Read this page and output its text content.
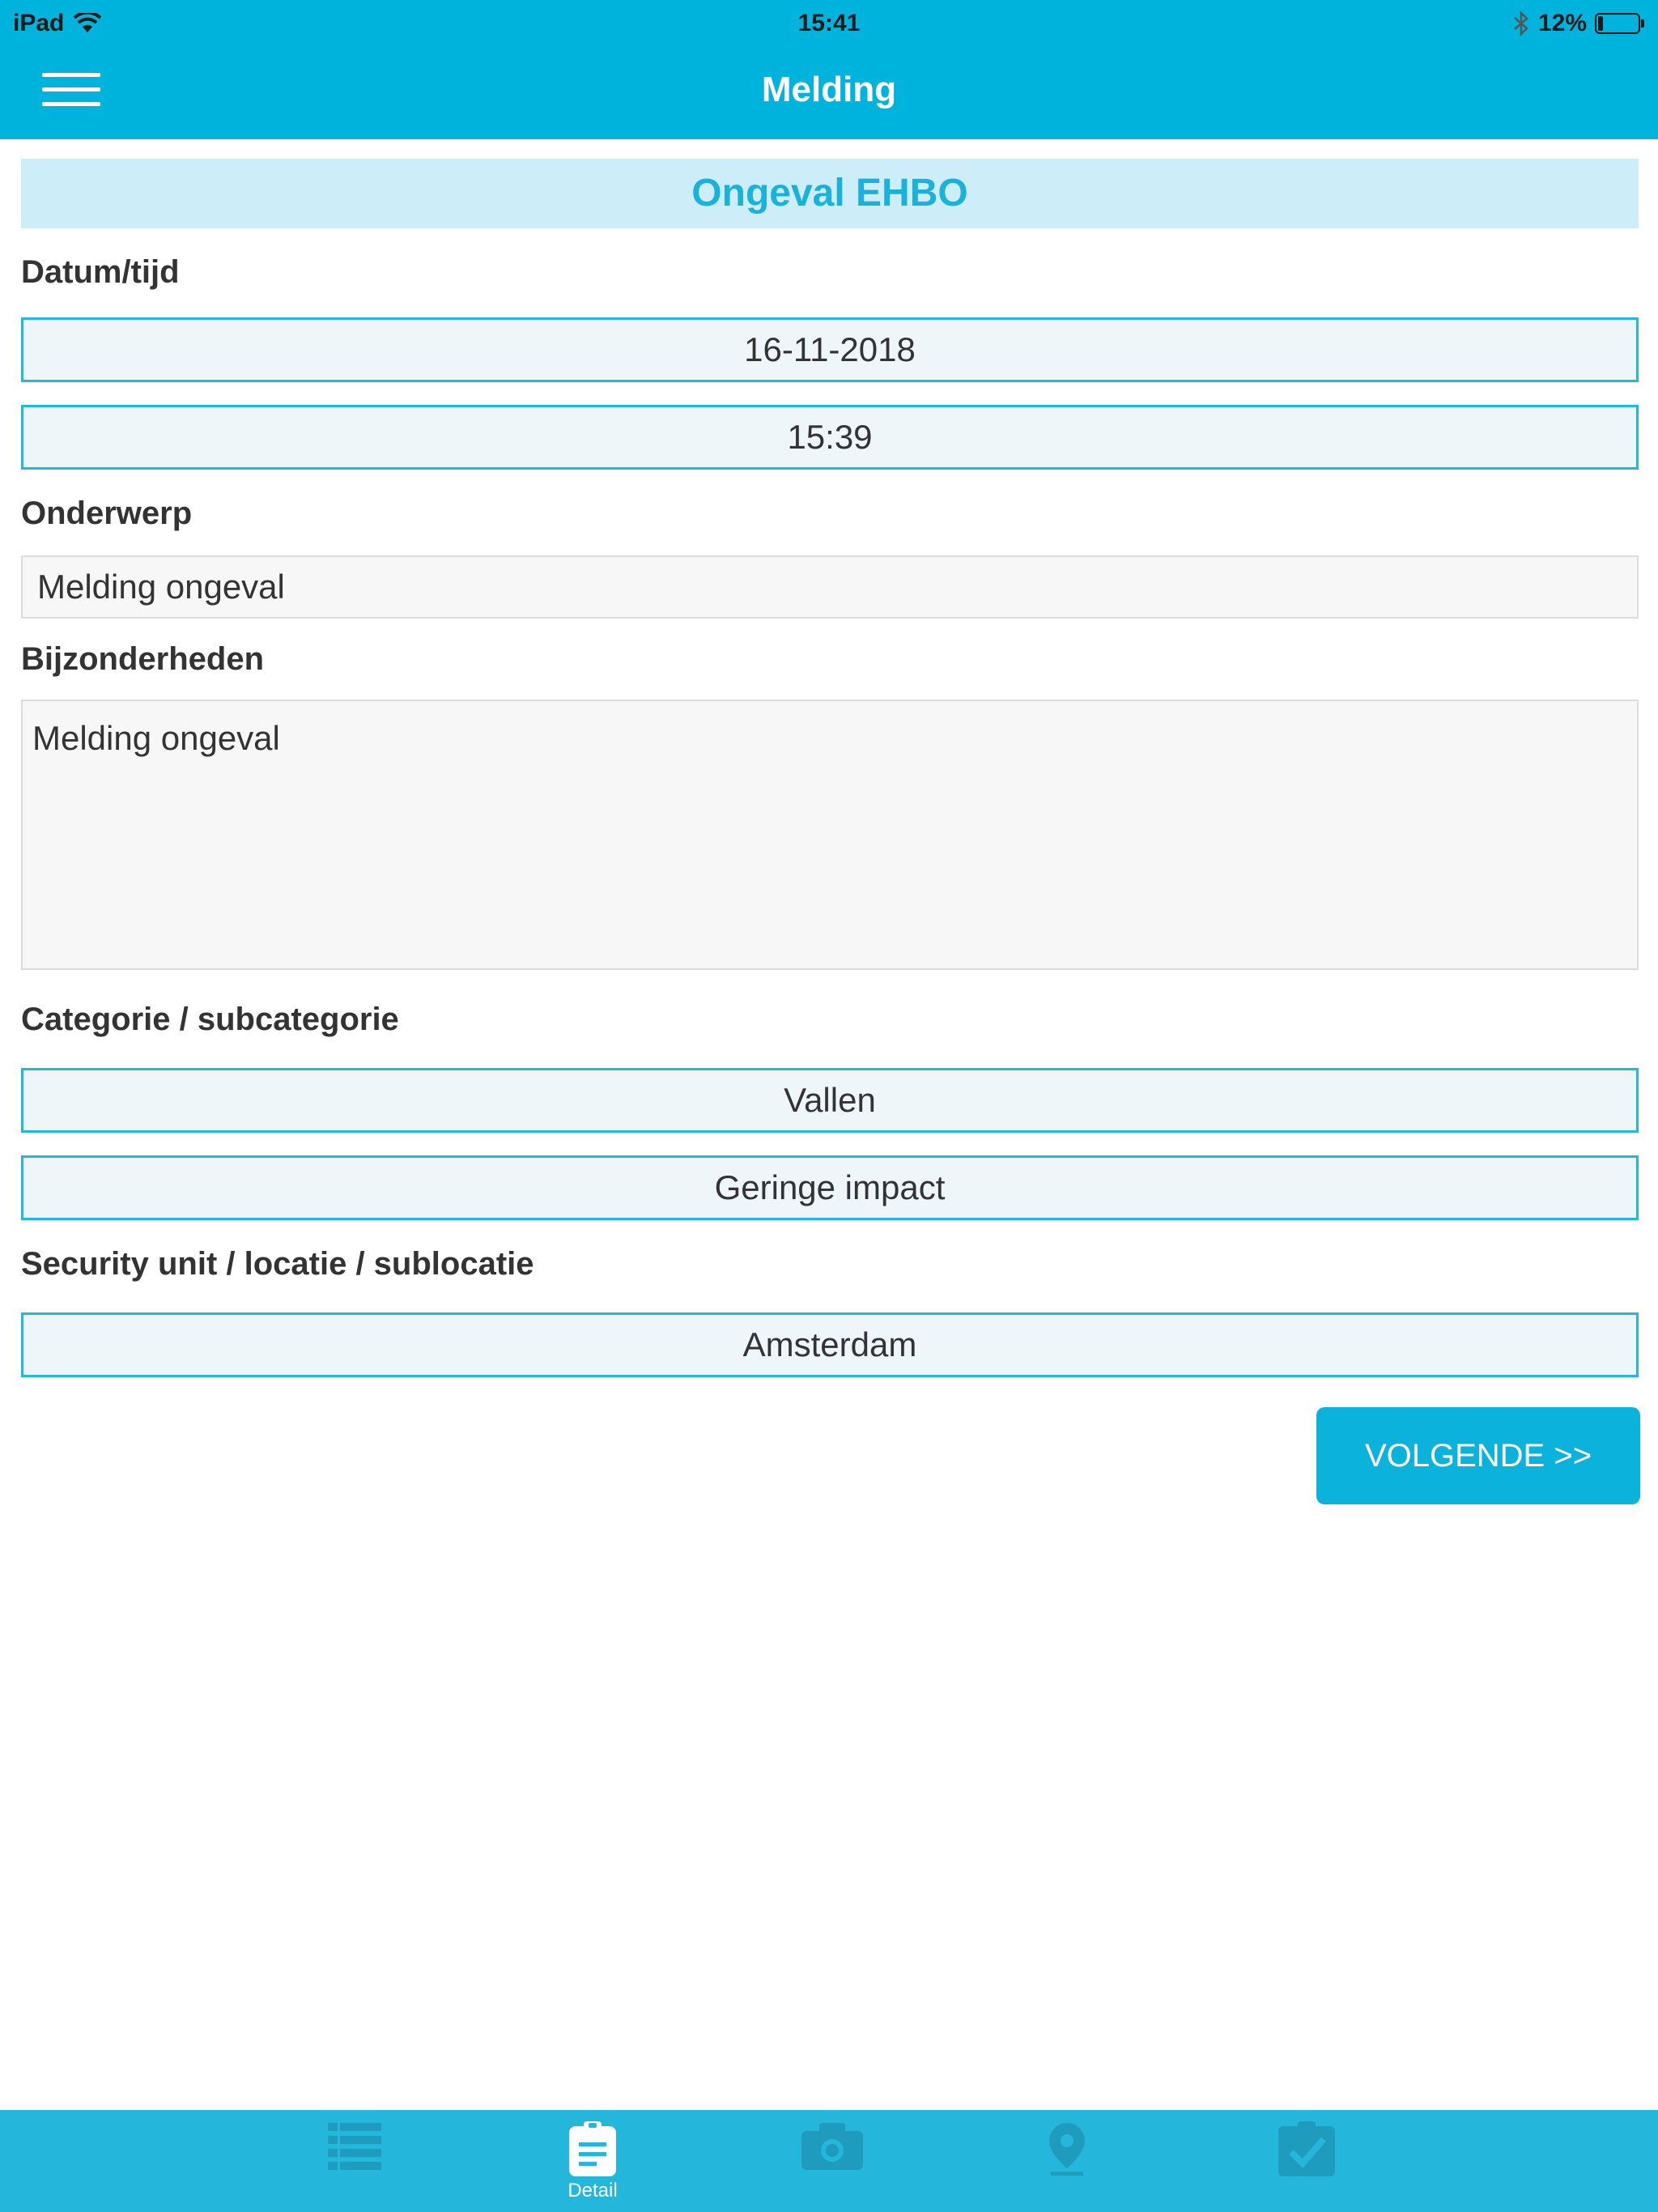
iPad	15:41	12%
Melding
Ongeval EHBO
Datum/tijd
16-11-2018
15:39
Onderwerp
Melding ongeval
Bijzonderheden
Melding ongeval
Categorie / subcategorie
Vallen
Geringe impact
Security unit / locatie / sublocatie
Amsterdam
VOLGENDE >>
Detail
